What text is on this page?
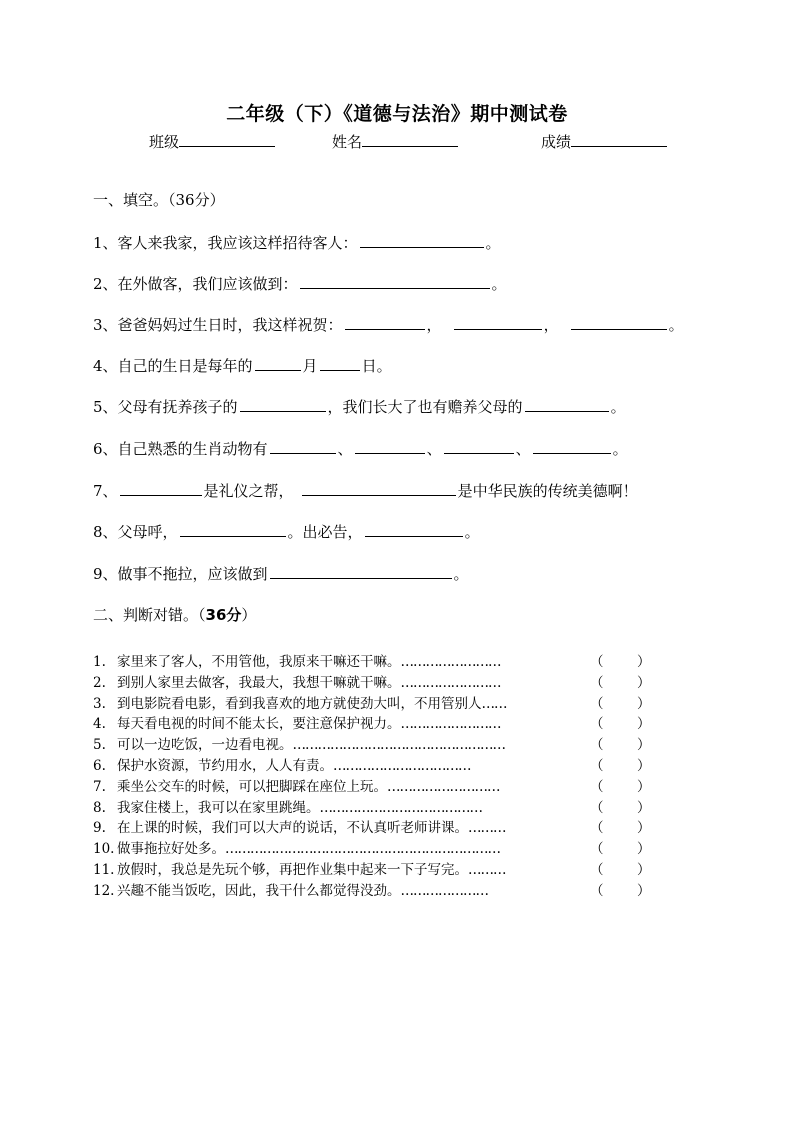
二年级（下）《道德与法治》期中测试卷
班级	姓名	成绩
一、填空。（36分）
1、客人来我家，我应该这样招待客人：	。
2、在外做客，我们应该做到：	。
3、爸爸妈妈过生日时，我这样祝贺：	，	，	。
4、自己的生日是每年的	月	日。
5、父母有抚养孩子的	，我们长大了也有赡养父母的	。
6、自己熟悉的生肖动物有	、	、	、	。
7、	是礼仪之帮，	是中华民族的传统美德啊！
8、父母呼，	。出必告，	。
9、做事不拖拉，应该做到	。
二、判断对错。（36分）
1. 家里来了客人，不用管他，我原来干嘛还干嘛。……………………	（ ）
2. 到别人家里去做客，我最大，我想干嘛就干嘛。……………………	（ ）
3. 到电影院看电影，看到我喜欢的地方就使劲大叫，不用管别人……	（ ）
4. 每天看电视的时间不能太长，要注意保护视力。……………………	（ ）
5. 可以一边吃饭，一边看电视。……………………………………………	（ ）
6. 保护水资源，节约用水，人人有责。……………………………	（ ）
7. 乘坐公交车的时候，可以把脚踩在座位上玩。………………………	（ ）
8. 我家住楼上，我可以在家里跳绳。…………………………………	（ ）
9. 在上课的时候，我们可以大声的说话，不认真听老师讲课。………	（ ）
10. 做事拖拉好处多。…………………………………………………………	（ ）
11. 放假时，我总是先玩个够，再把作业集中起来一下子写完。………	（ ）
12. 兴趣不能当饭吃，因此，我干什么都觉得没劲。…………………	（ ）
